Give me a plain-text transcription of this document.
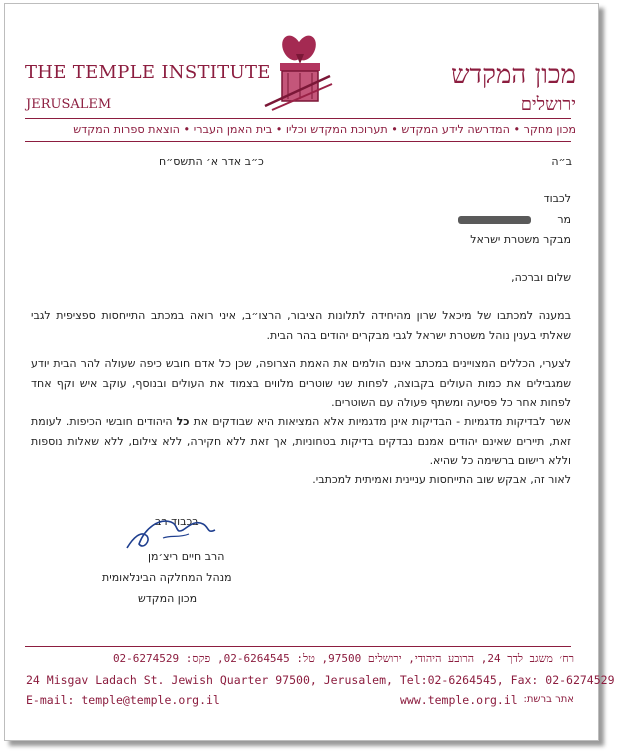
THE TEMPLE INSTITUTE
JERUSALEM
מכון המקדש
ירושלים
מכון מחקר • המדרשה לידע המקדש • תערוכת המקדש וכליו • בית האמן העברי • הוצאת ספרות המקדש
ב״ה
כ״ב אדר א׳ התשס״ח
לכבוד
מר
מבקר משטרת ישראל
שלום וברכה,
במענה למכתבו של מיכאל שרון מהיחידה לתלונות הציבור, הרצו״ב, איני רואה במכתב התייחסות ספציפית לגבי שאלתי בענין נוהל משטרת ישראל לגבי מבקרים יהודים בהר הבית.
לצערי, הכללים המצויינים במכתב אינם הולמים את האמת הצרופה, שכן כל אדם חובש כיפה שעולה להר הבית יודע שמגבילים את כמות העולים בקבוצה, לפחות שני שוטרים מלווים בצמוד את העולים ובנוסף, עוקב איש וקף אחד לפחות אחר כל פסיעה ומשתף פעולה עם השוטרים.
אשר לבדיקות מדגמיות - הבדיקות אינן מדגמיות אלא המציאות היא שבודקים את כל היהודים חובשי הכיפות. לעומת זאת, תיירים שאינם יהודים אמנם נבדקים בדיקות בטחוניות, אך זאת ללא חקירה, ללא צילום, ללא שאלות נוספות וללא רישום ברשימה כל שהיא.
לאור זה, אבקש שוב התייחסות עניינית ואמיתית למכתבי.
בכבוד רב
הרב חיים ריצ׳מן
מנהל המחלקה הבינלאומית
מכון המקדש
רח׳ משגב לדך 24, הרובע היהודי, ירושלים 97500, טל: 02-6264545, פקס: 02-6274529
24 Misgav Ladach St. Jewish Quarter 97500, Jerusalem, Tel:02-6264545, Fax: 02-6274529
E-mail: temple@temple.org.il	www.temple.org.il אתר ברשת:
